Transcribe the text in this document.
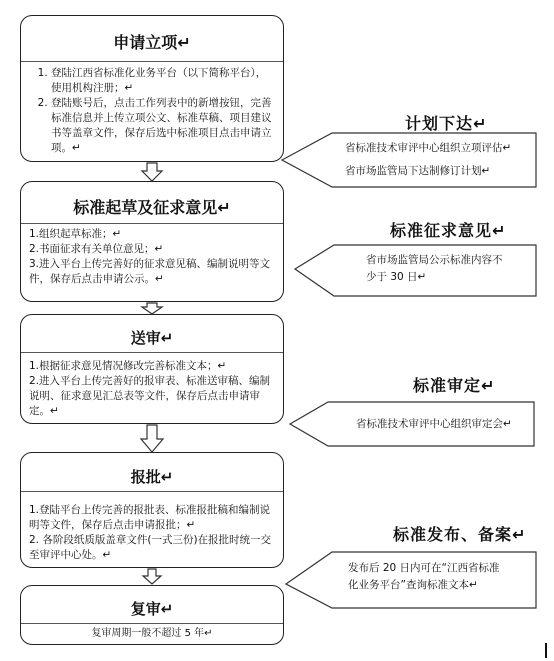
申请立项↵
1. 登陆江西省标准化业务平台（以下简称平台），使用机构注册；↵
2. 登陆账号后，点击工作列表中的新增按钮，完善标准信息并上传立项公文、标准草稿、项目建议书等盖章文件，保存后选中标准项目点击申请立项。↵
标准起草及征求意见↵

1.组织起草标准；↵

2.书面征求有关单位意见；↵

3.进入平台上传完善好的征求意见稿、编制说明等文件，保存后点击申请公示。↵

送审↵

1.根据征求意见情况修改完善标准文本；↵

2.进入平台上传完善好的报审表、标准送审稿、编制说明、征求意见汇总表等文件，保存后点击申请审定。↵

报批↵

1.登陆平台上传完善的报批表、标准报批稿和编制说明等文件，保存后点击申请报批；↵

2. 各阶段纸质版盖章文件(一式三份)在报批时统一交至审评中心处。↵

复审↵

复审周期一般不超过 5 年↵

计划下达↵
省标准技术审评中心组织立项评估↵
省市场监管局下达制修订计划↵
标准征求意见↵
省市场监管局公示标准内容不
少于 30 日↵
标准审定↵
省标准技术审评中心组织审定会↵
标准发布、备案↵
发布后 20 日内可在“江西省标准
化业务平台”查询标准文本↵
